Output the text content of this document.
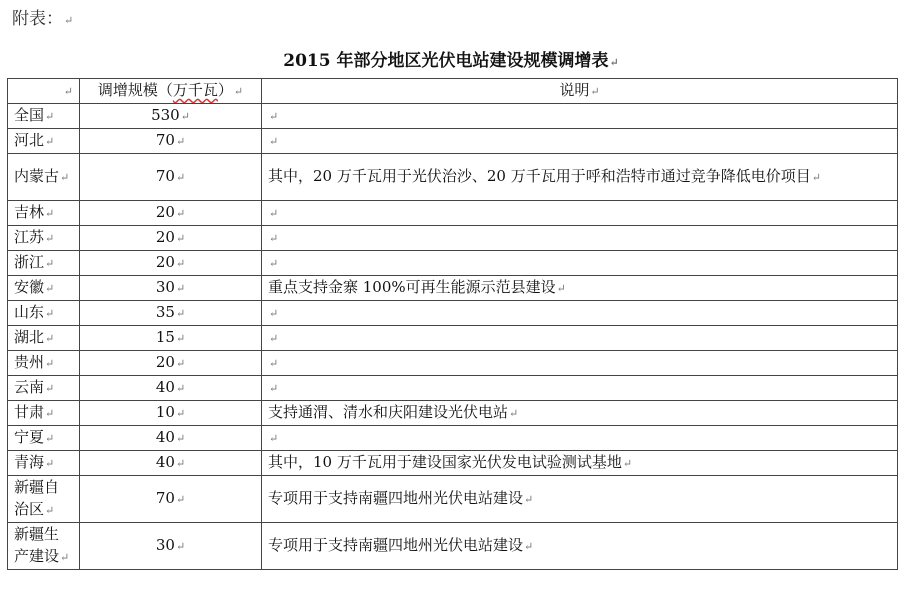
附表：↵
2015 年部分地区光伏电站建设规模调增表↵
↵	调增规模（万千瓦）↵	说明↵
全国↵	530↵	↵
河北↵	70↵	↵
内蒙古↵	70↵	其中，20 万千瓦用于光伏治沙、20 万千瓦用于呼和浩特市通过竞争降低电价项目↵
吉林↵	20↵	↵
江苏↵	20↵	↵
浙江↵	20↵	↵
安徽↵	30↵	重点支持金寨 100%可再生能源示范县建设↵
山东↵	35↵	↵
湖北↵	15↵	↵
贵州↵	20↵	↵
云南↵	40↵	↵
甘肃↵	10↵	支持通渭、清水和庆阳建设光伏电站↵
宁夏↵	40↵	↵
青海↵	40↵	其中，10 万千瓦用于建设国家光伏发电试验测试基地↵
新疆自治区↵	70↵	专项用于支持南疆四地州光伏电站建设↵
新疆生产建设↵	30↵	专项用于支持南疆四地州光伏电站建设↵
